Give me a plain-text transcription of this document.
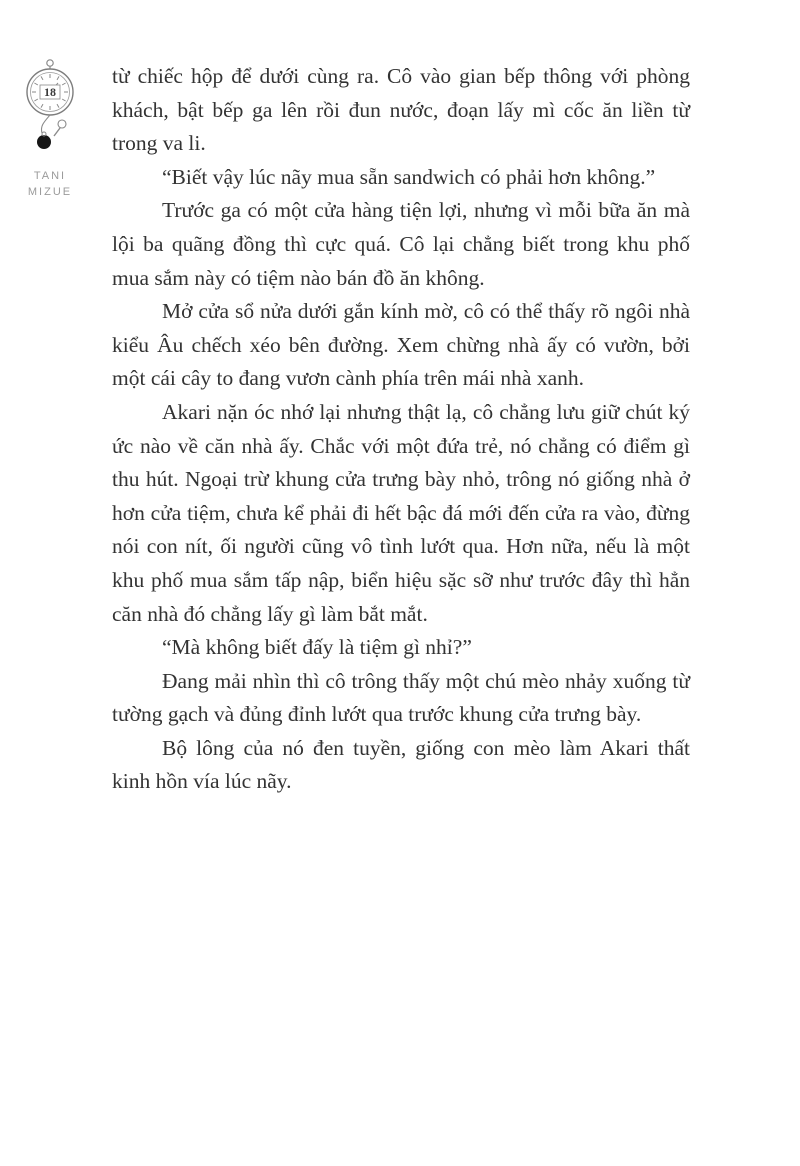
18
TANI
MIZUE

từ chiếc hộp để dưới cùng ra. Cô vào gian bếp thông với phòng khách, bật bếp ga lên rồi đun nước, đoạn lấy mì cốc ăn liền từ trong va li.

“Biết vậy lúc nãy mua sẵn sandwich có phải hơn không.”

Trước ga có một cửa hàng tiện lợi, nhưng vì mỗi bữa ăn mà lội ba quãng đồng thì cực quá. Cô lại chẳng biết trong khu phố mua sắm này có tiệm nào bán đồ ăn không.

Mở cửa sổ nửa dưới gắn kính mờ, cô có thể thấy rõ ngôi nhà kiểu Âu chếch xéo bên đường. Xem chừng nhà ấy có vườn, bởi một cái cây to đang vươn cành phía trên mái nhà xanh.

Akari nặn óc nhớ lại nhưng thật lạ, cô chẳng lưu giữ chút ký ức nào về căn nhà ấy. Chắc với một đứa trẻ, nó chẳng có điểm gì thu hút. Ngoại trừ khung cửa trưng bày nhỏ, trông nó giống nhà ở hơn cửa tiệm, chưa kể phải đi hết bậc đá mới đến cửa ra vào, đừng nói con nít, ối người cũng vô tình lướt qua. Hơn nữa, nếu là một khu phố mua sắm tấp nập, biển hiệu sặc sỡ như trước đây thì hẳn căn nhà đó chẳng lấy gì làm bắt mắt.

“Mà không biết đấy là tiệm gì nhỉ?”

Đang mải nhìn thì cô trông thấy một chú mèo nhảy xuống từ tường gạch và đủng đỉnh lướt qua trước khung cửa trưng bày.

Bộ lông của nó đen tuyền, giống con mèo làm Akari thất kinh hồn vía lúc nãy.
